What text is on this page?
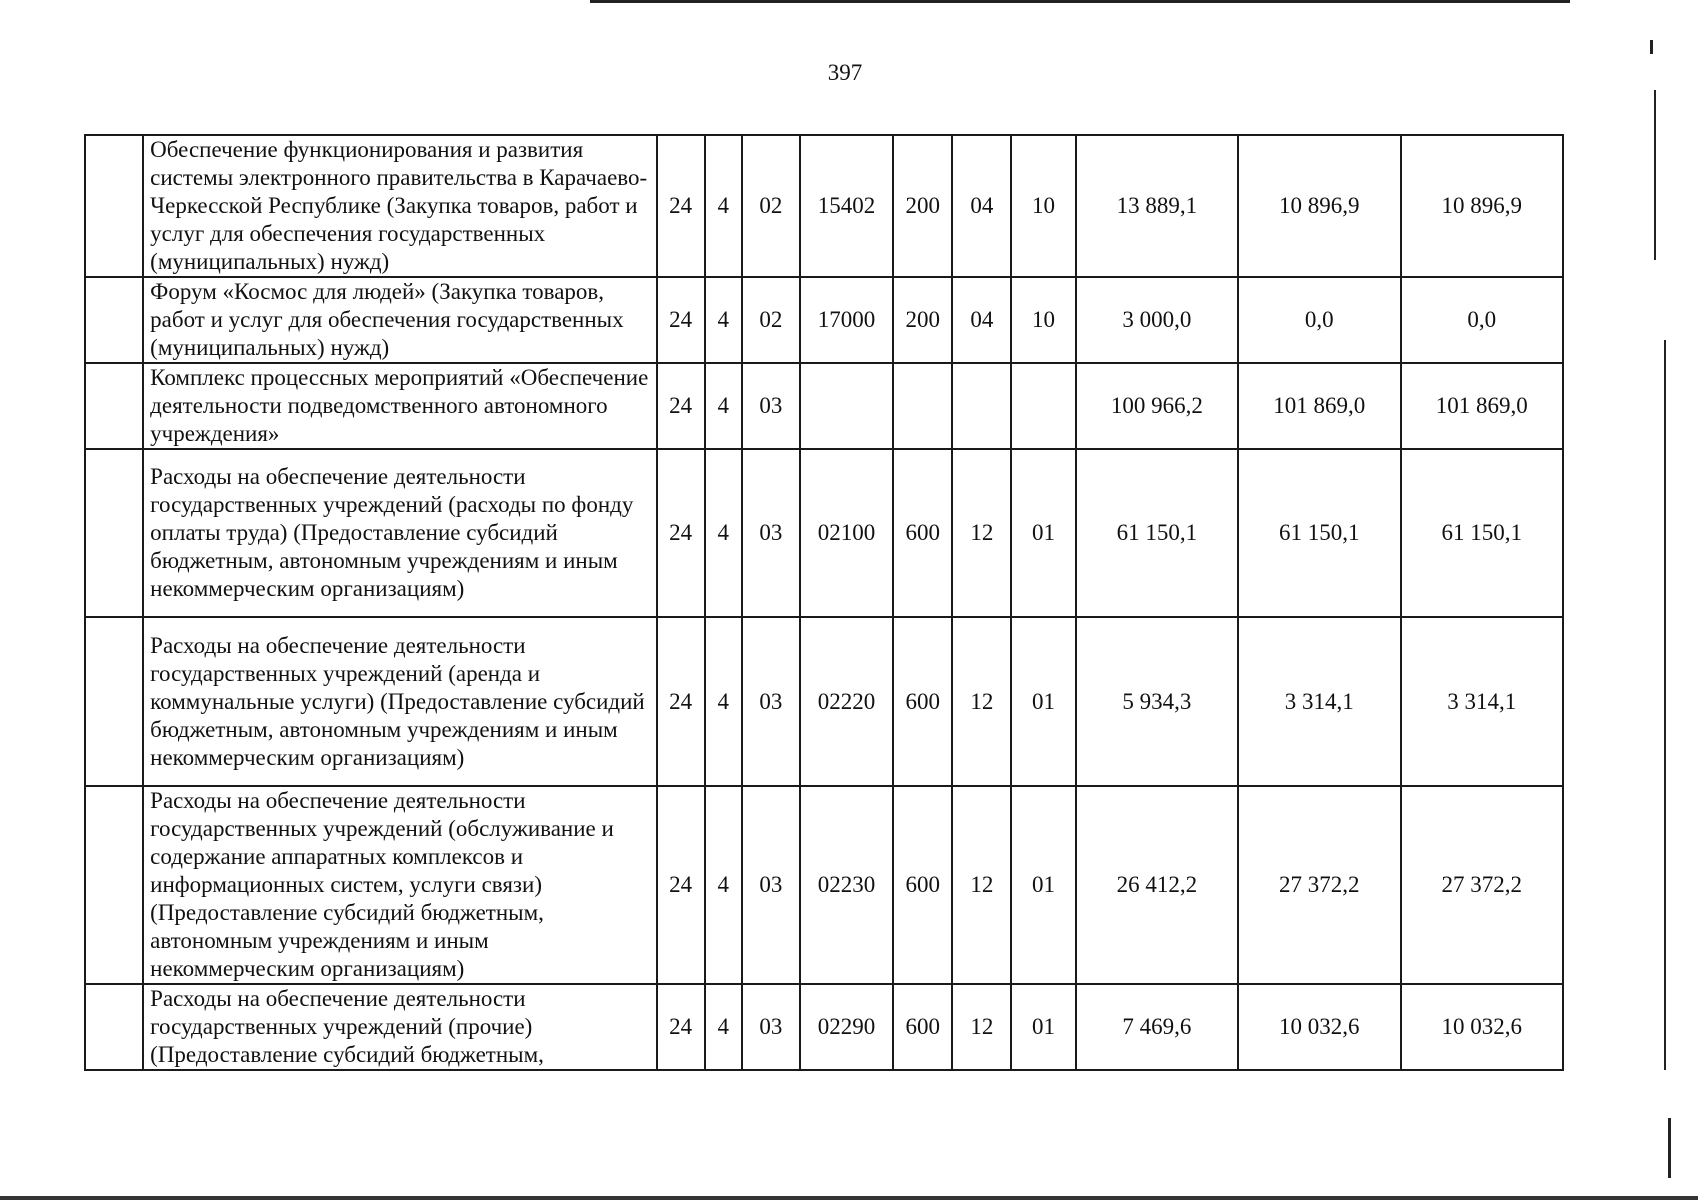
397
	Обеспечение функционирования и развития системы электронного правительства в Карачаево-Черкесской Республике (Закупка товаров, работ и услуг для обеспечения государственных (муниципальных) нужд)	24	4	02	15402	200	04	10	13 889,1	10 896,9	10 896,9
	Форум «Космос для людей» (Закупка товаров, работ и услуг для обеспечения государственных (муниципальных) нужд)	24	4	02	17000	200	04	10	3 000,0	0,0	0,0
	Комплекс процессных мероприятий «Обеспечение деятельности подведомственного автономного учреждения»	24	4	03					100 966,2	101 869,0	101 869,0
	Расходы на обеспечение деятельности государственных учреждений (расходы по фонду оплаты труда) (Предоставление субсидий бюджетным, автономным учреждениям и иным некоммерческим организациям)	24	4	03	02100	600	12	01	61 150,1	61 150,1	61 150,1
	Расходы на обеспечение деятельности государственных учреждений (аренда и коммунальные услуги) (Предоставление субсидий бюджетным, автономным учреждениям и иным некоммерческим организациям)	24	4	03	02220	600	12	01	5 934,3	3 314,1	3 314,1
	Расходы на обеспечение деятельности государственных учреждений (обслуживание и содержание аппаратных комплексов и информационных систем, услуги связи) (Предоставление субсидий бюджетным, автономным учреждениям и иным некоммерческим организациям)	24	4	03	02230	600	12	01	26 412,2	27 372,2	27 372,2
	Расходы на обеспечение деятельности государственных учреждений (прочие) (Предоставление субсидий бюджетным,	24	4	03	02290	600	12	01	7 469,6	10 032,6	10 032,6
